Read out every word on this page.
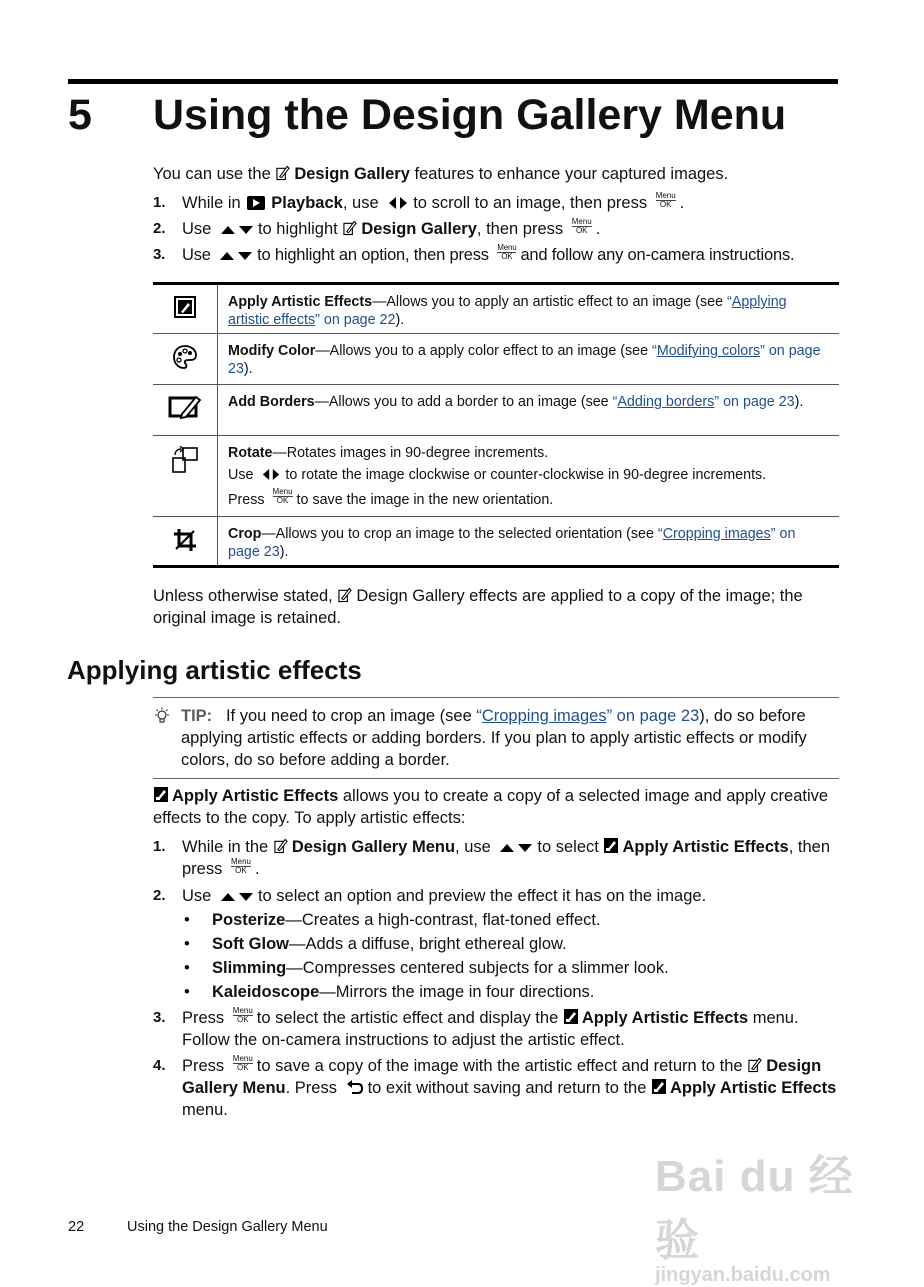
5 Using the Design Gallery Menu
You can use the Design Gallery features to enhance your captured images.
1. While in Playback, use to scroll to an image, then press Menu
OK .
2. Use	to highlight Design Gallery, then press Menu
OK .
3. Use	to highlight an option, then press Menu
OK and follow any on-camera instructions.
Apply Artistic Effects—Allows you to apply an artistic effect to an image (see “Applying artistic effects” on page 22).
Modify Color—Allows you to a apply color effect to an image (see “Modifying colors” on page 23).
Add Borders—Allows you to add a border to an image (see “Adding borders” on page 23).

Rotate—Rotates images in 90-degree increments.

Use to rotate the image clockwise or counter-clockwise in 90-degree increments.

Press
Menu
OK to save the image in the new orientation.

Crop—Allows you to crop an image to the selected orientation (see “Cropping images” on page 23).
Unless otherwise stated, Design Gallery effects are applied to a copy of the image; the original image is retained.
Applying artistic effects
TIP: If you need to crop an image (see “Cropping images” on page 23), do so before applying artistic effects or adding borders. If you plan to apply artistic effects or modify colors, do so before adding a border.
Apply Artistic Effects allows you to create a copy of a selected image and apply creative effects to the copy. To apply artistic effects:
1. While in the Design Gallery Menu, use	to select Apply Artistic Effects, then press Menu
OK .
2. Use	to select an option and preview the effect it has on the image.
• Posterize—Creates a high-contrast, flat-toned effect.
• Soft Glow—Adds a diffuse, bright ethereal glow.
• Slimming—Compresses centered subjects for a slimmer look.
• Kaleidoscope—Mirrors the image in four directions.
3. Press Menu
OK to select the artistic effect and display the Apply Artistic Effects menu. Follow the on-camera instructions to adjust the artistic effect.
4. Press Menu
OK to save a copy of the image with the artistic effect and return to the Design Gallery Menu. Press to exit without saving and return to the Apply Artistic Effects menu.
22	Using the Design Gallery Menu
Bai du 经验
jingyan.baidu.com
